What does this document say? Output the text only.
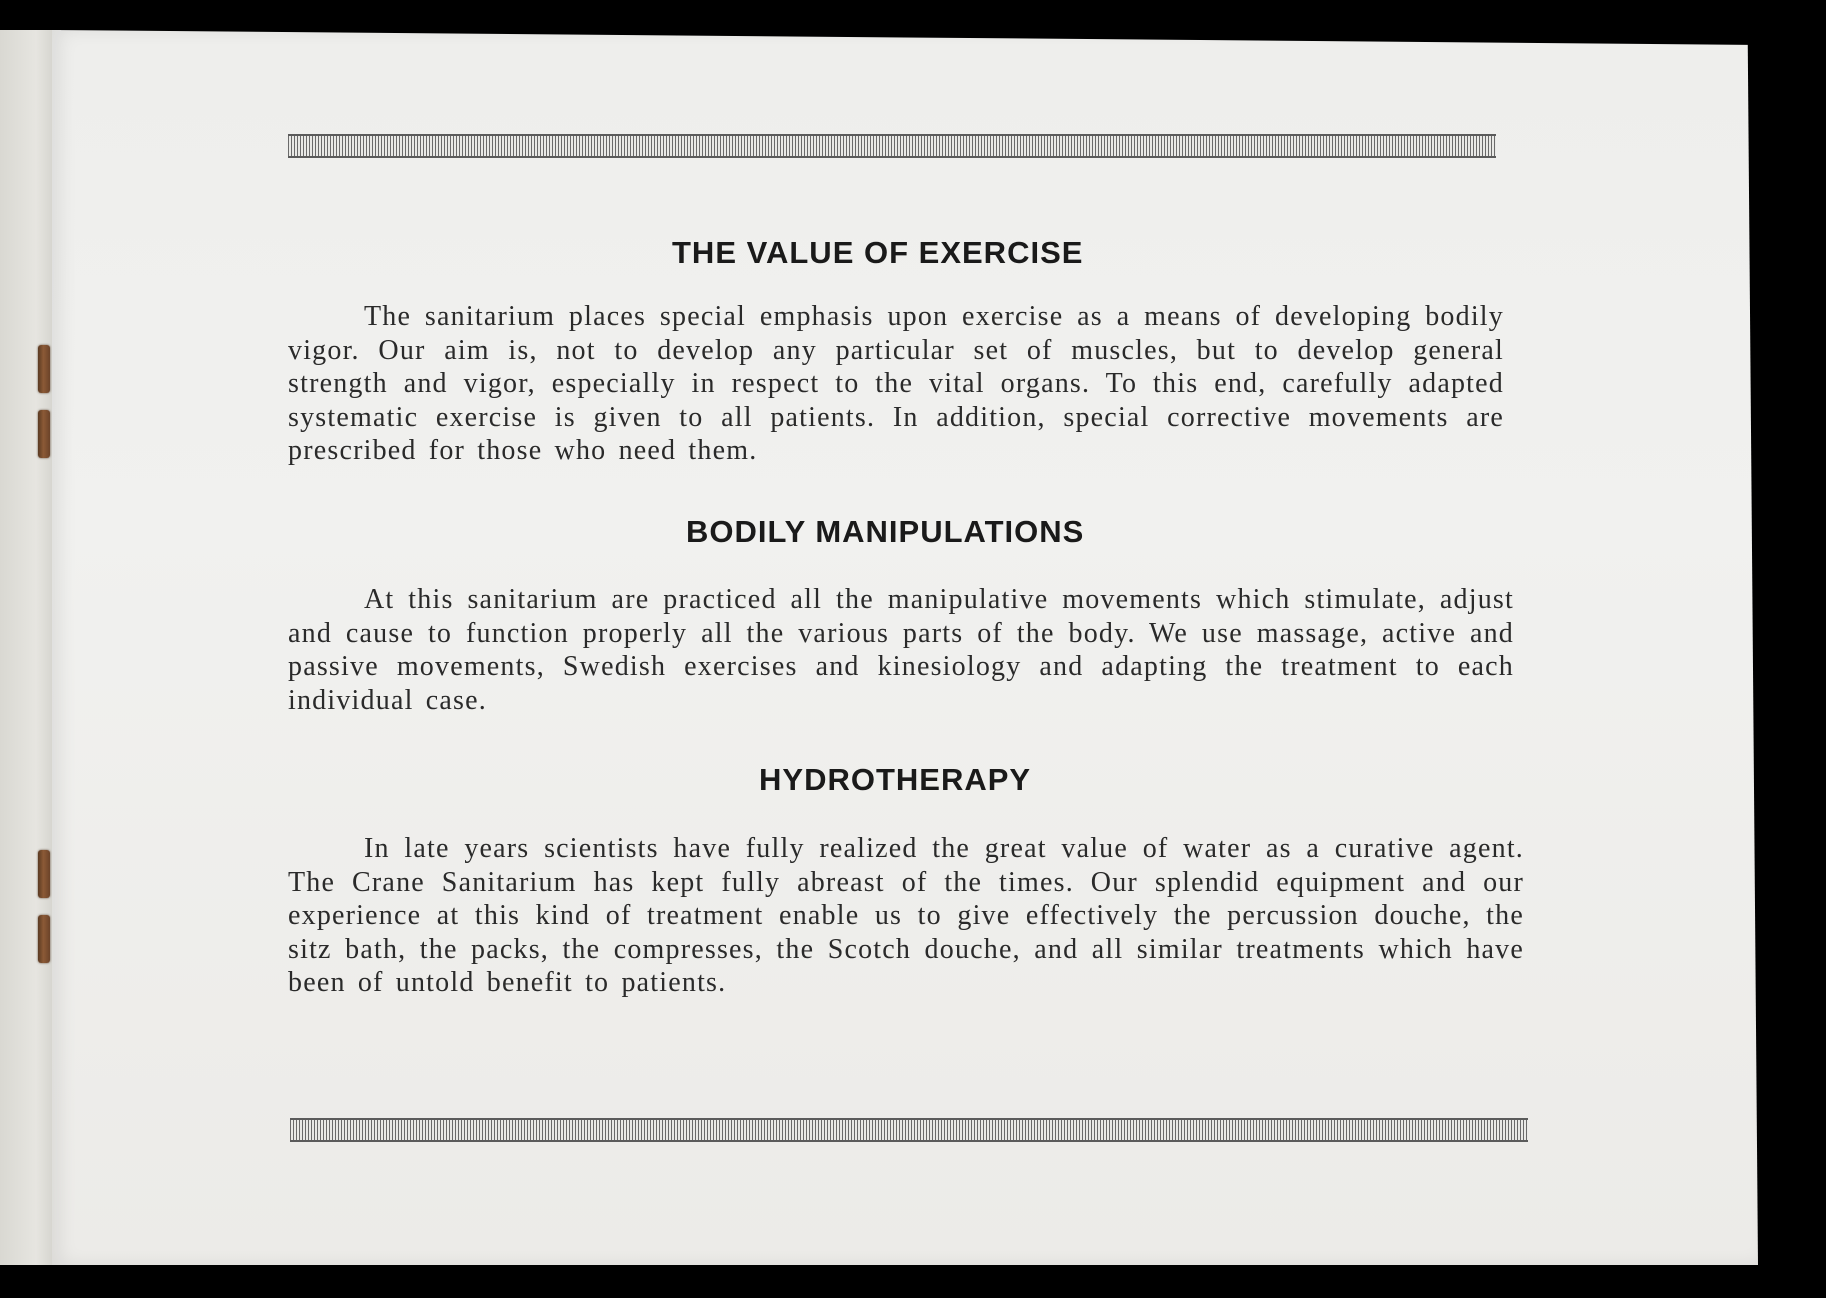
THE VALUE OF EXERCISE

The sanitarium places special emphasis upon exercise as a means of developing bodily vigor. Our aim is, not to develop any particular set of muscles, but to develop general strength and vigor, especially in respect to the vital organs. To this end, carefully adapted systematic exercise is given to all patients. In addition, special corrective movements are prescribed for those who need them.

BODILY MANIPULATIONS

At this sanitarium are practiced all the manipulative movements which stimulate, adjust and cause to function properly all the various parts of the body. We use massage, active and passive movements, Swedish exercises and kinesiology and adapting the treatment to each individual case.

HYDROTHERAPY

In late years scientists have fully realized the great value of water as a curative agent. The Crane Sanitarium has kept fully abreast of the times. Our splendid equipment and our experience at this kind of treatment enable us to give effectively the percussion douche, the sitz bath, the packs, the compresses, the Scotch douche, and all similar treatments which have been of untold benefit to patients.
